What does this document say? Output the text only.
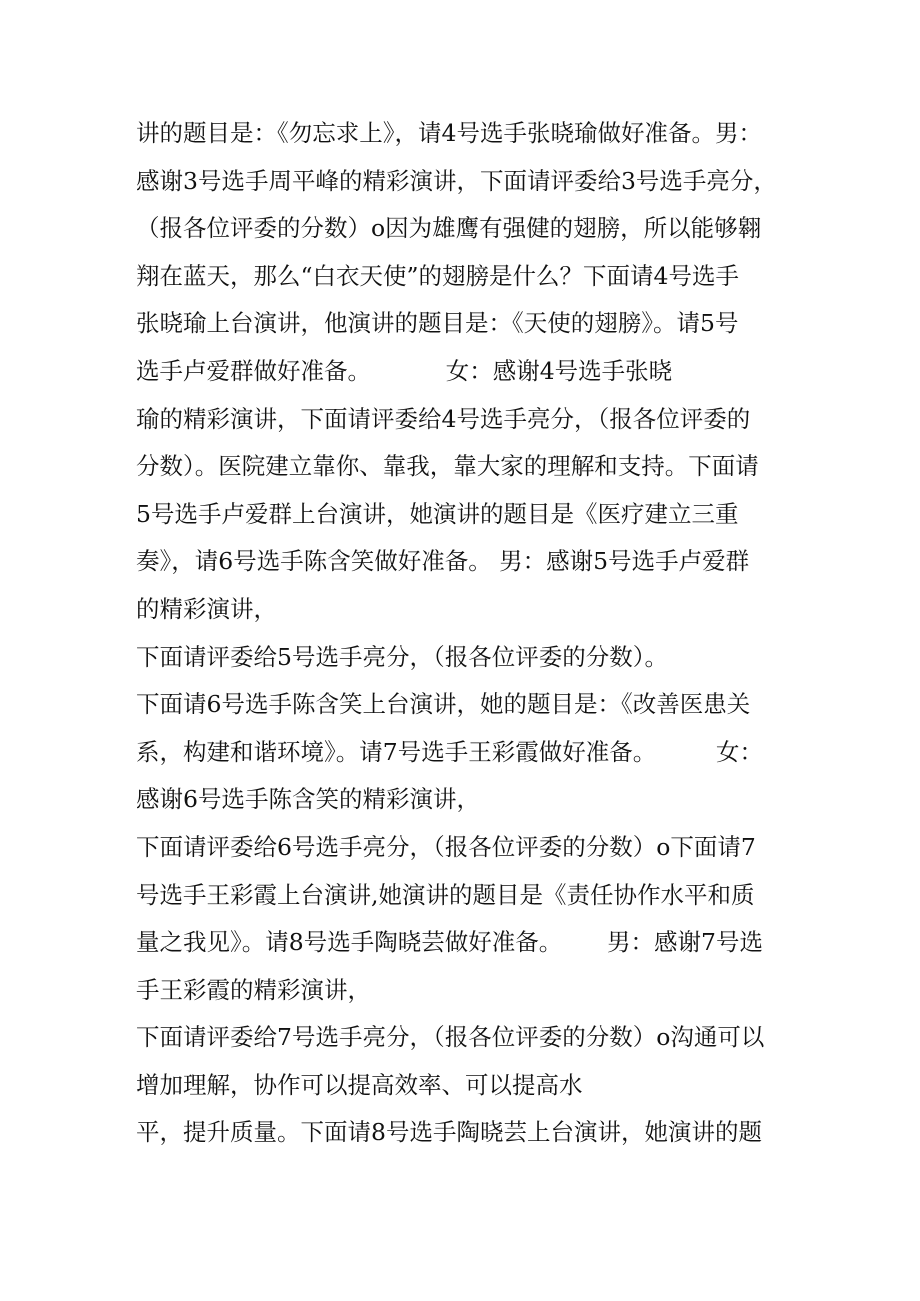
讲的题目是：《勿忘求上》，请4号选手张晓瑜做好准备。男：
感谢3号选手周平峰的精彩演讲，下面请评委给3号选手亮分，
（报各位评委的分数）o因为雄鹰有强健的翅膀，所以能够翱
翔在蓝天，那么“白衣天使”的翅膀是什么？下面请4号选手
张晓瑜上台演讲，他演讲的题目是：《天使的翅膀》。请5号
选手卢爱群做好准备。          女：感谢4号选手张晓
瑜的精彩演讲，下面请评委给4号选手亮分，（报各位评委的
分数）。医院建立靠你、靠我，靠大家的理解和支持。下面请
5号选手卢爱群上台演讲，她演讲的题目是《医疗建立三重
奏》，请6号选手陈含笑做好准备。 男：感谢5号选手卢爱群
的精彩演讲，
下面请评委给5号选手亮分，（报各位评委的分数）。
下面请6号选手陈含笑上台演讲，她的题目是：《改善医患关
系，构建和谐环境》。请7号选手王彩霞做好准备。        女：
感谢6号选手陈含笑的精彩演讲，
下面请评委给6号选手亮分，（报各位评委的分数）o下面请7
号选手王彩霞上台演讲,她演讲的题目是《责任协作水平和质
量之我见》。请8号选手陶晓芸做好准备。      男：感谢7号选
手王彩霞的精彩演讲，
下面请评委给7号选手亮分，（报各位评委的分数）o沟通可以
增加理解，协作可以提高效率、可以提高水
平，提升质量。下面请8号选手陶晓芸上台演讲，她演讲的题
